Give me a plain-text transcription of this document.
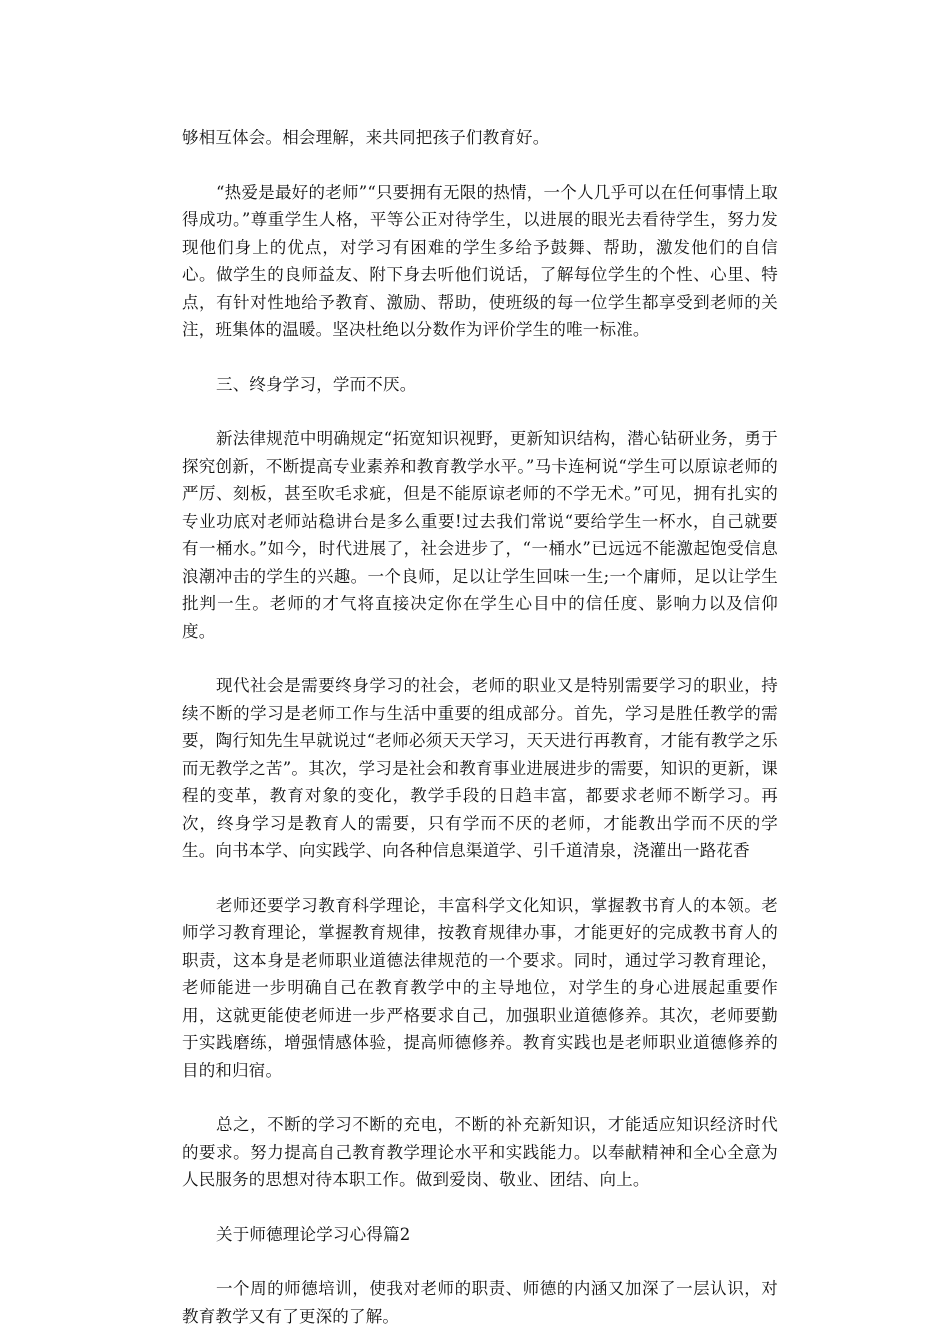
够相互体会。相会理解，来共同把孩子们教育好。

“热爱是最好的老师”“只要拥有无限的热情，一个人几乎可以在任何事情上取得成功。”尊重学生人格，平等公正对待学生，以进展的眼光去看待学生，努力发现他们身上的优点，对学习有困难的学生多给予鼓舞、帮助，激发他们的自信心。做学生的良师益友、附下身去听他们说话，了解每位学生的个性、心里、特点，有针对性地给予教育、激励、帮助，使班级的每一位学生都享受到老师的关注，班集体的温暖。坚决杜绝以分数作为评价学生的唯一标准。

三、终身学习，学而不厌。

新法律规范中明确规定“拓宽知识视野，更新知识结构，潜心钻研业务，勇于探究创新，不断提高专业素养和教育教学水平。”马卡连柯说“学生可以原谅老师的严厉、刻板，甚至吹毛求疵，但是不能原谅老师的不学无术。”可见，拥有扎实的专业功底对老师站稳讲台是多么重要!过去我们常说“要给学生一杯水，自己就要有一桶水。”如今，时代进展了，社会进步了，“一桶水”已远远不能激起饱受信息浪潮冲击的学生的兴趣。一个良师，足以让学生回味一生;一个庸师，足以让学生批判一生。老师的才气将直接决定你在学生心目中的信任度、影响力以及信仰度。

现代社会是需要终身学习的社会，老师的职业又是特别需要学习的职业，持续不断的学习是老师工作与生活中重要的组成部分。首先，学习是胜任教学的需要，陶行知先生早就说过“老师必须天天学习，天天进行再教育，才能有教学之乐而无教学之苦”。其次，学习是社会和教育事业进展进步的需要，知识的更新，课程的变革，教育对象的变化，教学手段的日趋丰富，都要求老师不断学习。再次，终身学习是教育人的需要，只有学而不厌的老师，才能教出学而不厌的学生。向书本学、向实践学、向各种信息渠道学、引千道清泉，浇灌出一路花香

老师还要学习教育科学理论，丰富科学文化知识，掌握教书育人的本领。老师学习教育理论，掌握教育规律，按教育规律办事，才能更好的完成教书育人的职责，这本身是老师职业道德法律规范的一个要求。同时，通过学习教育理论，老师能进一步明确自己在教育教学中的主导地位，对学生的身心进展起重要作用，这就更能使老师进一步严格要求自己，加强职业道德修养。其次，老师要勤于实践磨练，增强情感体验，提高师德修养。教育实践也是老师职业道德修养的目的和归宿。

总之，不断的学习不断的充电，不断的补充新知识，才能适应知识经济时代的要求。努力提高自己教育教学理论水平和实践能力。以奉献精神和全心全意为人民服务的思想对待本职工作。做到爱岗、敬业、团结、向上。

关于师德理论学习心得篇2

一个周的师德培训，使我对老师的职责、师德的内涵又加深了一层认识，对教育教学又有了更深的了解。
